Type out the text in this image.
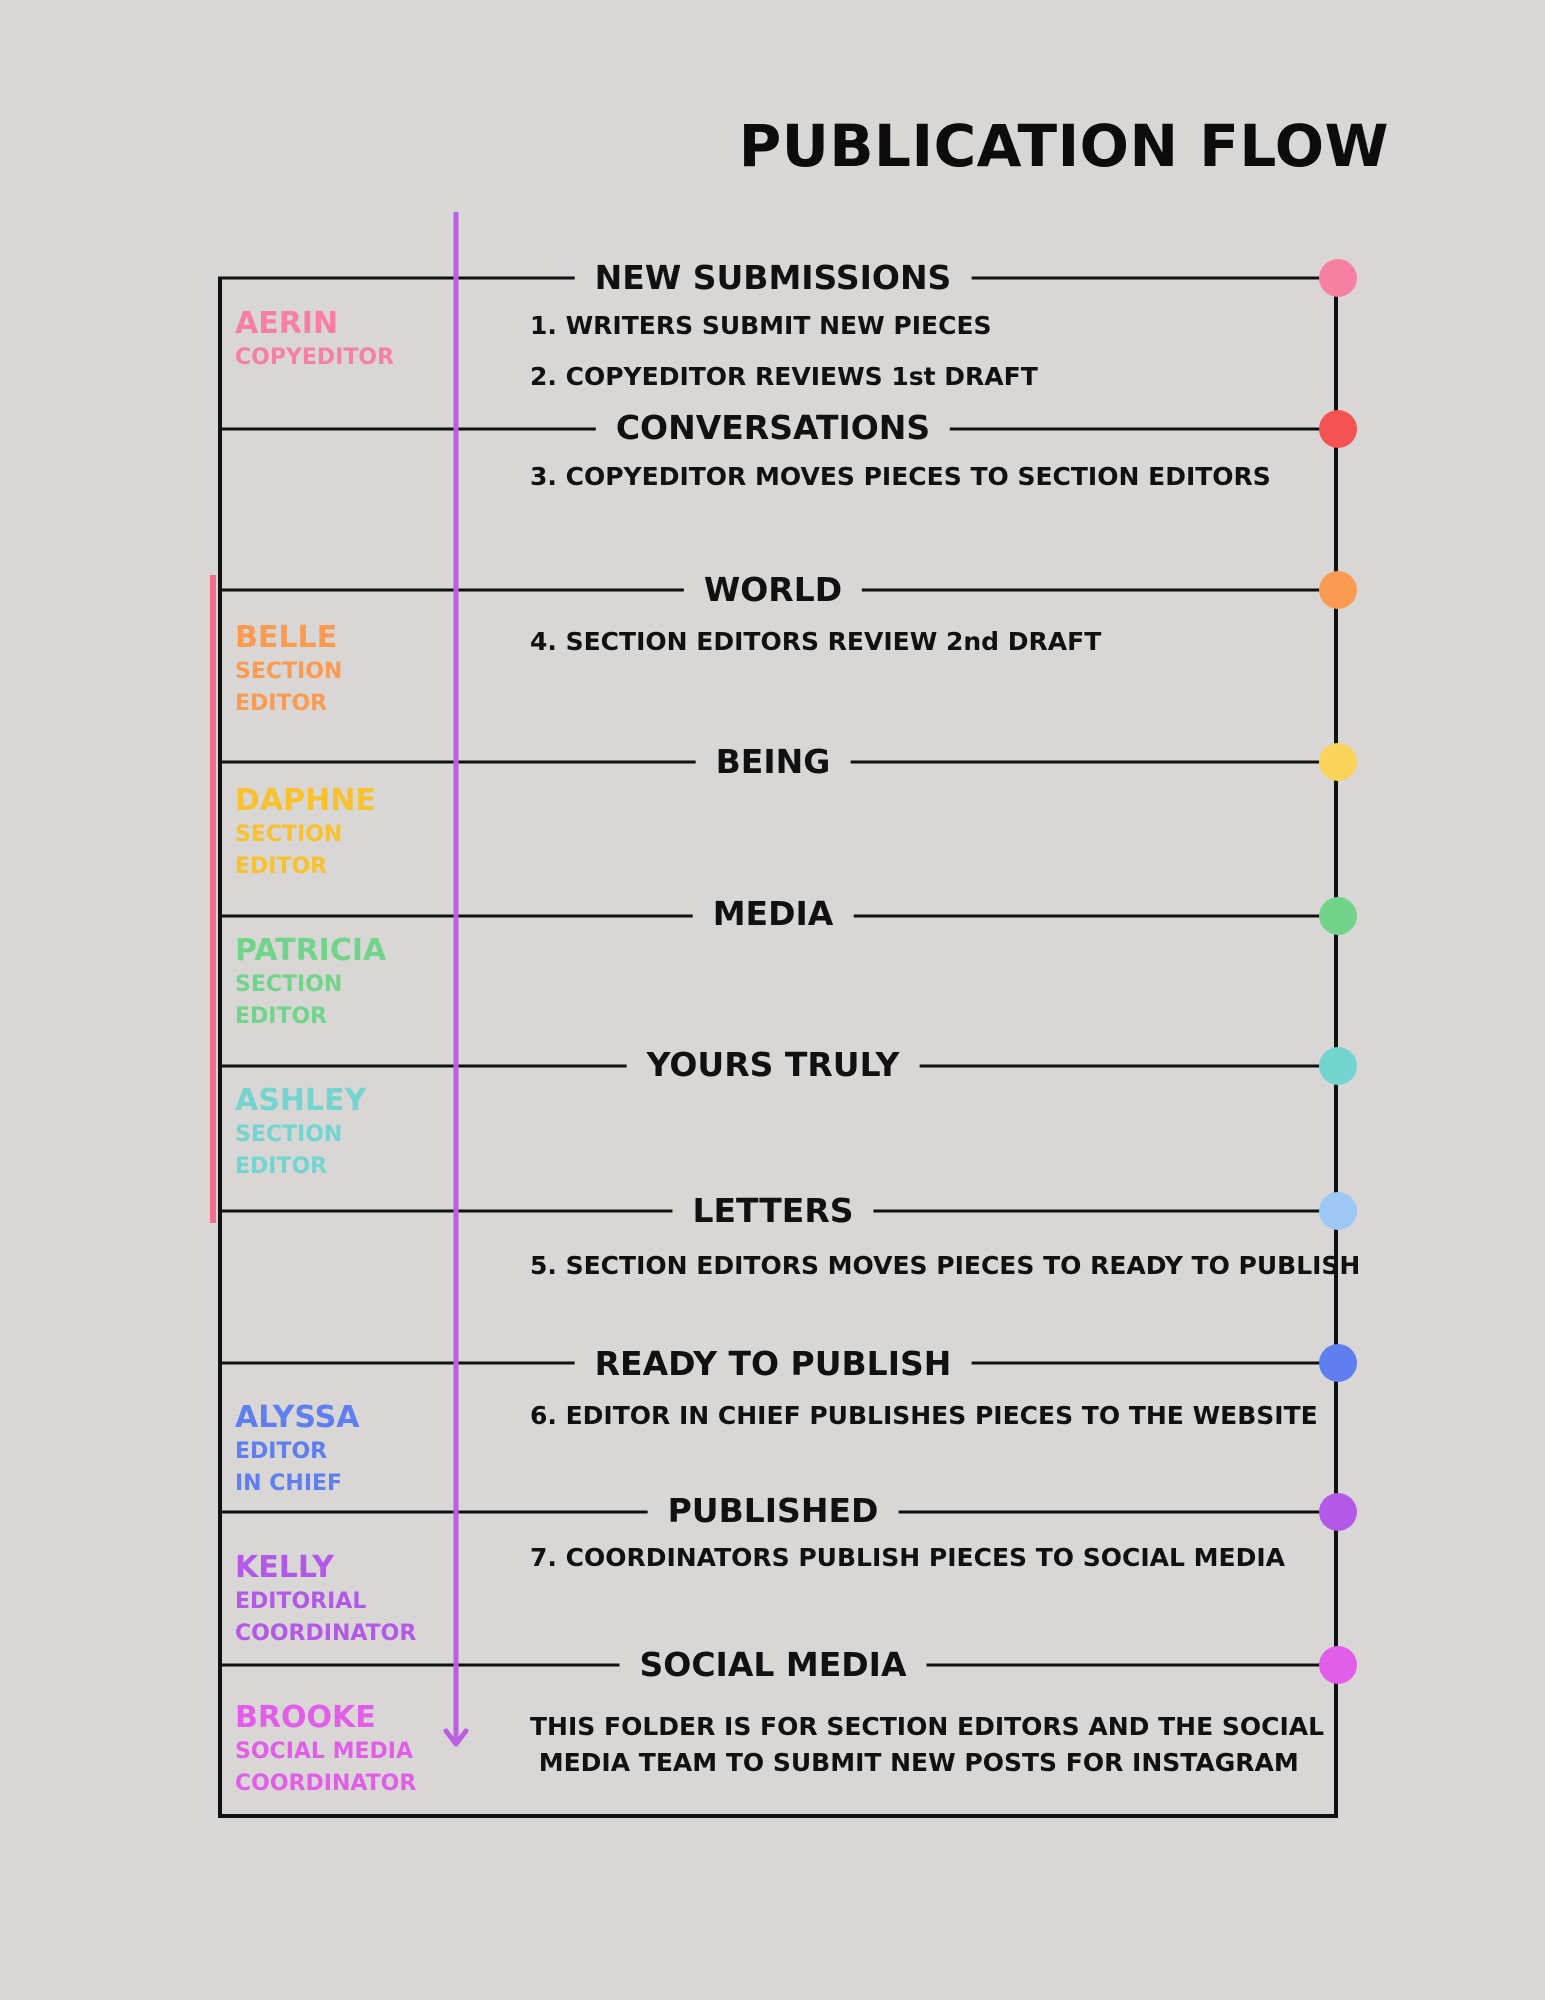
PUBLICATION FLOW
NEW SUBMISSIONS
CONVERSATIONS
WORLD
BEING
MEDIA
YOURS TRULY
LETTERS
READY TO PUBLISH
PUBLISHED
SOCIAL MEDIA
1. WRITERS SUBMIT NEW PIECES
2. COPYEDITOR REVIEWS 1st DRAFT
3. COPYEDITOR MOVES PIECES TO SECTION EDITORS
4. SECTION EDITORS REVIEW 2nd DRAFT
5. SECTION EDITORS MOVES PIECES TO READY TO PUBLISH
6. EDITOR IN CHIEF PUBLISHES PIECES TO THE WEBSITE
7. COORDINATORS PUBLISH PIECES TO SOCIAL MEDIA
THIS FOLDER IS FOR SECTION EDITORS AND THE SOCIAL
MEDIA TEAM TO SUBMIT NEW POSTS FOR INSTAGRAM
AERIN
COPYEDITOR
BELLE
SECTION
EDITOR
DAPHNE
SECTION
EDITOR
PATRICIA
SECTION
EDITOR
ASHLEY
SECTION
EDITOR
ALYSSA
EDITOR
IN CHIEF
KELLY
EDITORIAL
COORDINATOR
BROOKE
SOCIAL MEDIA
COORDINATOR
